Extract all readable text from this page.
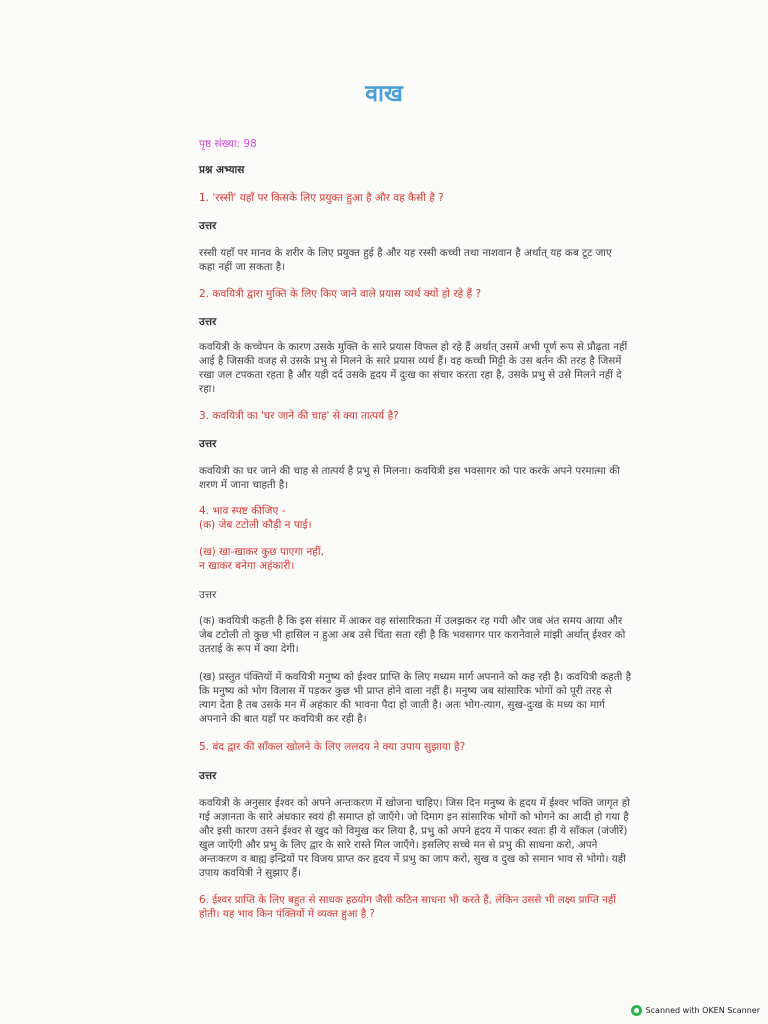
वाख
पृष्ठ संख्या: 98
प्रश्न अभ्यास
1. 'रस्सी' यहाँ पर किसके लिए प्रयुक्त हुआ है और वह कैसी है ?
उत्तर
रस्सी यहाँ पर मानव के शरीर के लिए प्रयुक्त हुई है और यह रस्सी कच्ची तथा नाशवान है अर्थात् यह कब टूट जाए
कहा नहीं जा सकता है।
2. कवयित्री द्वारा मुक्ति के लिए किए जाने वाले प्रयास व्यर्थ क्यों हो रहे हैं ?
उत्तर
कवयित्री के कच्चेपन के कारण उसके मुक्ति के सारे प्रयास विफल हो रहे हैं अर्थात् उसमें अभी पूर्ण रूप से प्रौढ़ता नहीं
आई है जिसकी वजह से उसके प्रभु से मिलने के सारे प्रयास व्यर्थ हैं। वह कच्ची मिट्टी के उस बर्तन की तरह है जिसमें
रखा जल टपकता रहता है और यही दर्द उसके हृदय में दुःख का संचार करता रहा है, उसके प्रभु से उसे मिलने नहीं दे
रहा।
3. कवयित्री का 'घर जाने की चाह' से क्या तात्पर्य है?
उत्तर
कवयित्री का घर जाने की चाह से तात्पर्य है प्रभु से मिलना। कवयित्री इस भवसागर को पार करके अपने परमात्मा की
शरण में जाना चाहती है।
4. भाव स्पष्ट कीजिए -
(क) जेब टटोली कौड़ी न पाई।
(ख) खा-खाकर कुछ पाएगा नहीं,
न खाकर बनेगा अहंकारी।
उत्तर
(क) कवयित्री कहती है कि इस संसार में आकर वह सांसारिकता में उलझकर रह गयी और जब अंत समय आया और
जेब टटोली तो कुछ भी हासिल न हुआ अब उसे चिंता सता रही है कि भवसागर पार करानेवाले मांझी अर्थात् ईश्वर को
उतराई के रूप में क्या देगी।
(ख) प्रस्तुत पंक्तियों में कवयित्री मनुष्य को ईश्वर प्राप्ति के लिए मध्यम मार्ग अपनाने को कह रही है। कवयित्री कहती है
कि मनुष्य को भोग विलास में पड़कर कुछ भी प्राप्त होने वाला नहीं है। मनुष्य जब सांसारिक भोगों को पूरी तरह से
त्याग देता है तब उसके मन में अहंकार की भावना पैदा हो जाती है। अतः भोग-त्याग, सुख-दुःख के मध्य का मार्ग
अपनाने की बात यहाँ पर कवयित्री कर रही है।
5. बंद द्वार की साँकल खोलने के लिए ललदय ने क्या उपाय सुझाया है?
उत्तर
कवयित्री के अनुसार ईश्वर को अपने अन्तःकरण में खोजना चाहिए। जिस दिन मनुष्य के हृदय में ईश्वर भक्ति जागृत हो
गई अज्ञानता के सारे अंधकार स्वयं ही समाप्त हो जाएँगे। जो दिमाग इन सांसारिक भोगों को भोगने का आदी हो गया है
और इसी कारण उसने ईश्वर से खुद को विमुख कर लिया है, प्रभु को अपने हृदय में पाकर स्वतः ही ये साँकल (जंजीरें)
खुल जाएँगी और प्रभु के लिए द्वार के सारे रास्ते मिल जाएँगे। इसलिए सच्चे मन से प्रभु की साधना करो, अपने
अन्तःकरण व बाह्य इन्द्रियों पर विजय प्राप्त कर हृदय में प्रभु का जाप करो, सुख व दुख को समान भाव से भोगो। यही
उपाय कवयित्री ने सुझाए हैं।
6. ईश्वर प्राप्ति के लिए बहुत से साधक हठयोग जैसी कठिन साधना भी करते हैं, लेकिन उससे भी लक्ष्य प्राप्ति नहीं
होती। यह भाव किन पंक्तियों में व्यक्त हुआ है ?
Scanned with OKEN Scanner
